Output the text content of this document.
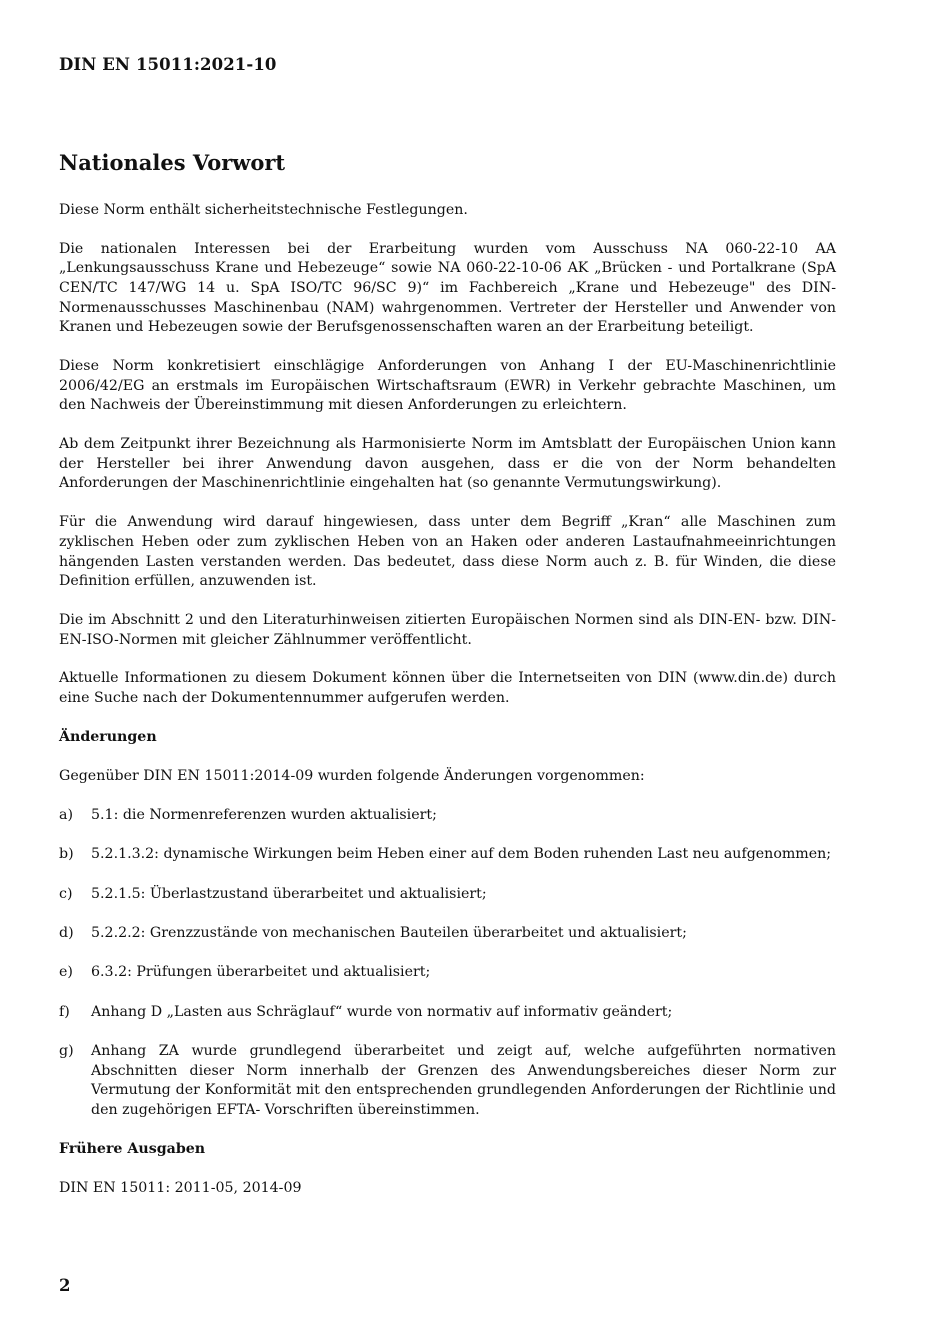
DIN EN 15011:2021-10
Nationales Vorwort

Diese Norm enthält sicherheitstechnische Festlegungen.

Die nationalen Interessen bei der Erarbeitung wurden vom Ausschuss NA 060-22-10 AA „Lenkungsausschuss Krane und Hebezeuge“ sowie NA 060-22-10-06 AK „Brücken - und Portalkrane (SpA CEN/TC 147/WG 14 u. SpA ISO/TC 96/SC 9)“ im Fachbereich „Krane und Hebezeuge" des DIN-Normenausschusses Maschinenbau (NAM) wahrgenommen. Vertreter der Hersteller und Anwender von Kranen und Hebezeugen sowie der Berufsgenossenschaften waren an der Erarbeitung beteiligt.

Diese Norm konkretisiert einschlägige Anforderungen von Anhang I der EU-Maschinenrichtlinie 2006/42/EG an erstmals im Europäischen Wirtschaftsraum (EWR) in Verkehr gebrachte Maschinen, um den Nachweis der Übereinstimmung mit diesen Anforderungen zu erleichtern.

Ab dem Zeitpunkt ihrer Bezeichnung als Harmonisierte Norm im Amtsblatt der Europäischen Union kann der Hersteller bei ihrer Anwendung davon ausgehen, dass er die von der Norm behandelten Anforderungen der Maschinenrichtlinie eingehalten hat (so genannte Vermutungswirkung).

Für die Anwendung wird darauf hingewiesen, dass unter dem Begriff „Kran“ alle Maschinen zum zyklischen Heben oder zum zyklischen Heben von an Haken oder anderen Lastaufnahmeeinrichtungen hängenden Lasten verstanden werden. Das bedeutet, dass diese Norm auch z. B. für Winden, die diese Definition erfüllen, anzuwenden ist.

Die im Abschnitt 2 und den Literaturhinweisen zitierten Europäischen Normen sind als DIN-EN- bzw. DIN-EN-ISO-Normen mit gleicher Zählnummer veröffentlicht.

Aktuelle Informationen zu diesem Dokument können über die Internetseiten von DIN (www.din.de) durch eine Suche nach der Dokumentennummer aufgerufen werden.

Änderungen

Gegenüber DIN EN 15011:2014-09 wurden folgende Änderungen vorgenommen:

a)	5.1: die Normenreferenzen wurden aktualisiert;
b)	5.2.1.3.2: dynamische Wirkungen beim Heben einer auf dem Boden ruhenden Last neu aufgenommen;
c)	5.2.1.5: Überlastzustand überarbeitet und aktualisiert;
d)	5.2.2.2: Grenzzustände von mechanischen Bauteilen überarbeitet und aktualisiert;
e)	6.3.2: Prüfungen überarbeitet und aktualisiert;
f)	Anhang D „Lasten aus Schräglauf“ wurde von normativ auf informativ geändert;
g)	Anhang ZA wurde grundlegend überarbeitet und zeigt auf, welche aufgeführten normativen Abschnitten dieser Norm innerhalb der Grenzen des Anwendungsbereiches dieser Norm zur Vermutung der Konformität mit den entsprechenden grundlegenden Anforderungen der Richtlinie und den zugehörigen EFTA- Vorschriften übereinstimmen.
Frühere Ausgaben

DIN EN 15011: 2011-05, 2014-09

2
